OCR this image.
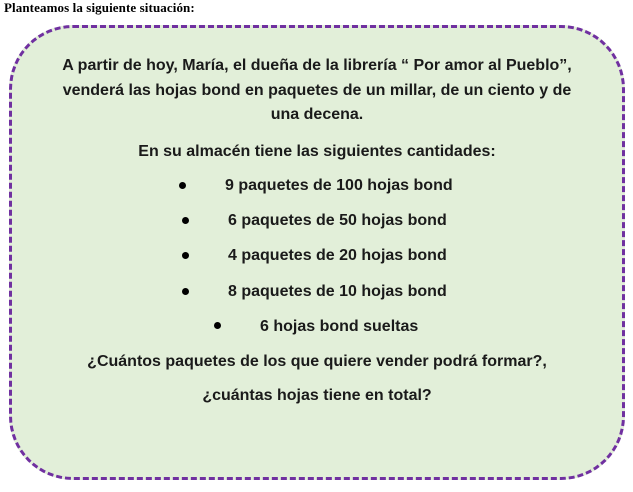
Planteamos la siguiente situación:
A partir de hoy, María, el dueña de la librería “ Por amor al Pueblo”,
venderá las hojas bond en paquetes de un millar, de un ciento y de
una decena.
En su almacén tiene las siguientes cantidades:
9 paquetes de 100 hojas bond
6 paquetes de 50 hojas bond
4 paquetes de 20 hojas bond
8 paquetes de 10 hojas bond
6 hojas bond sueltas
¿Cuántos paquetes de los que quiere vender podrá formar?,
¿cuántas hojas tiene en total?
